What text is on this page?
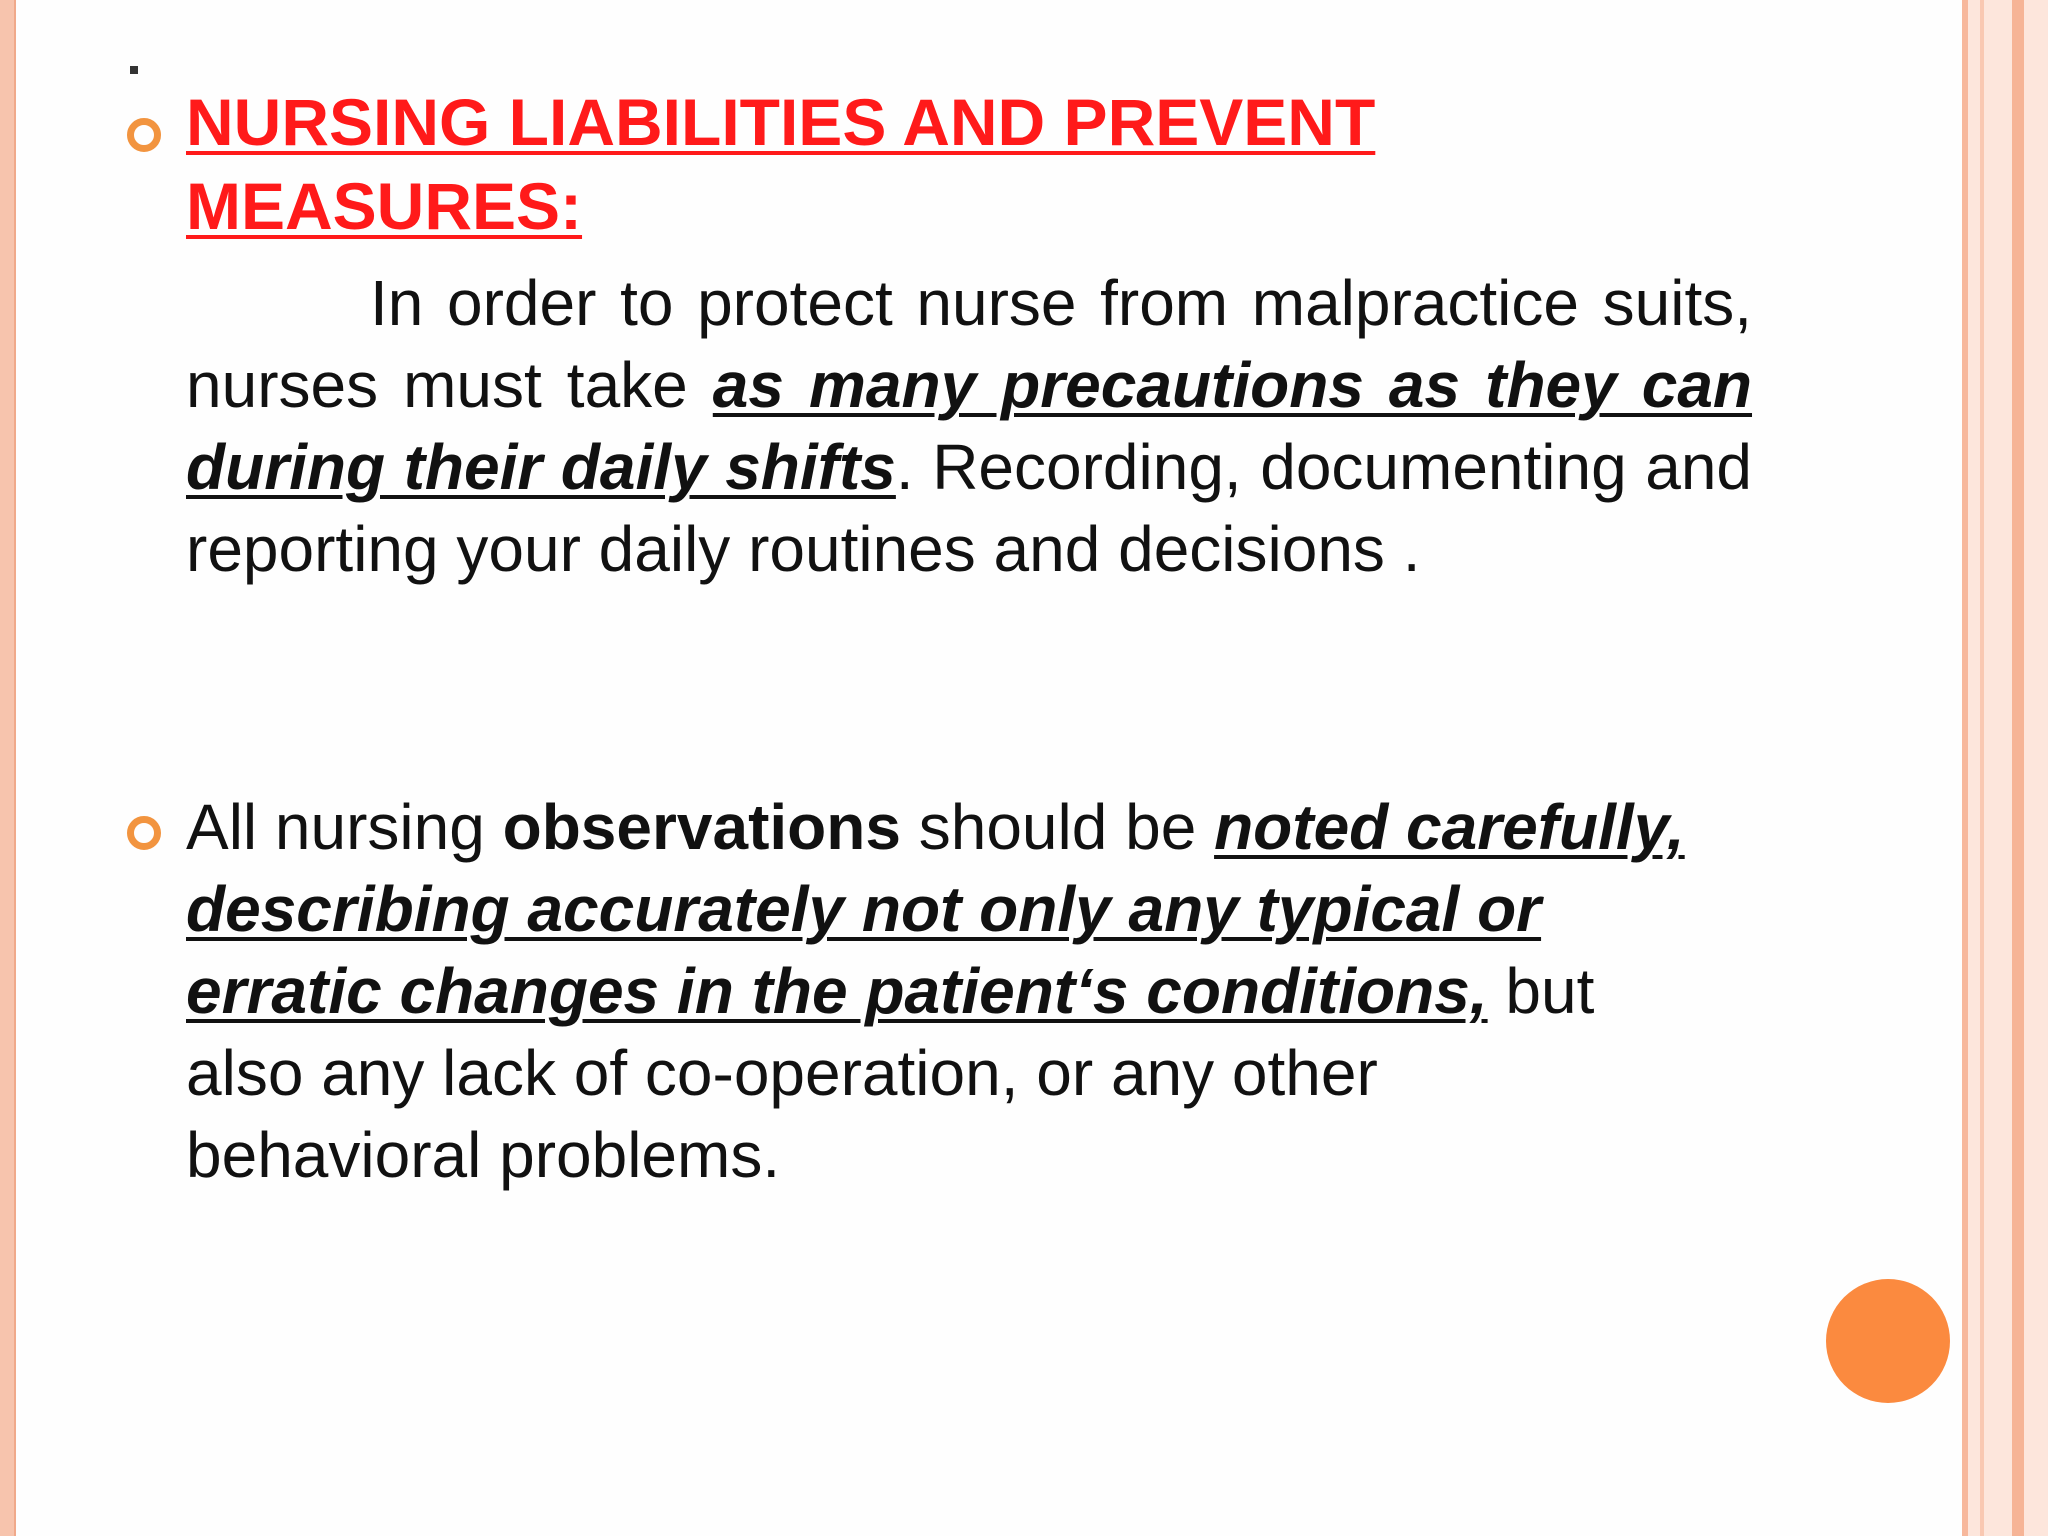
NURSING LIABILITIES AND PREVENT MEASURES:

In order to protect nurse from malpractice suits, nurses must take as many precautions as they can during their daily shifts. Recording, documenting and reporting your daily routines and decisions .

All nursing observations should be noted carefully, describing accurately not only any typical or erratic changes in the patient‘s conditions, but also any lack of co-operation, or any other behavioral problems.
